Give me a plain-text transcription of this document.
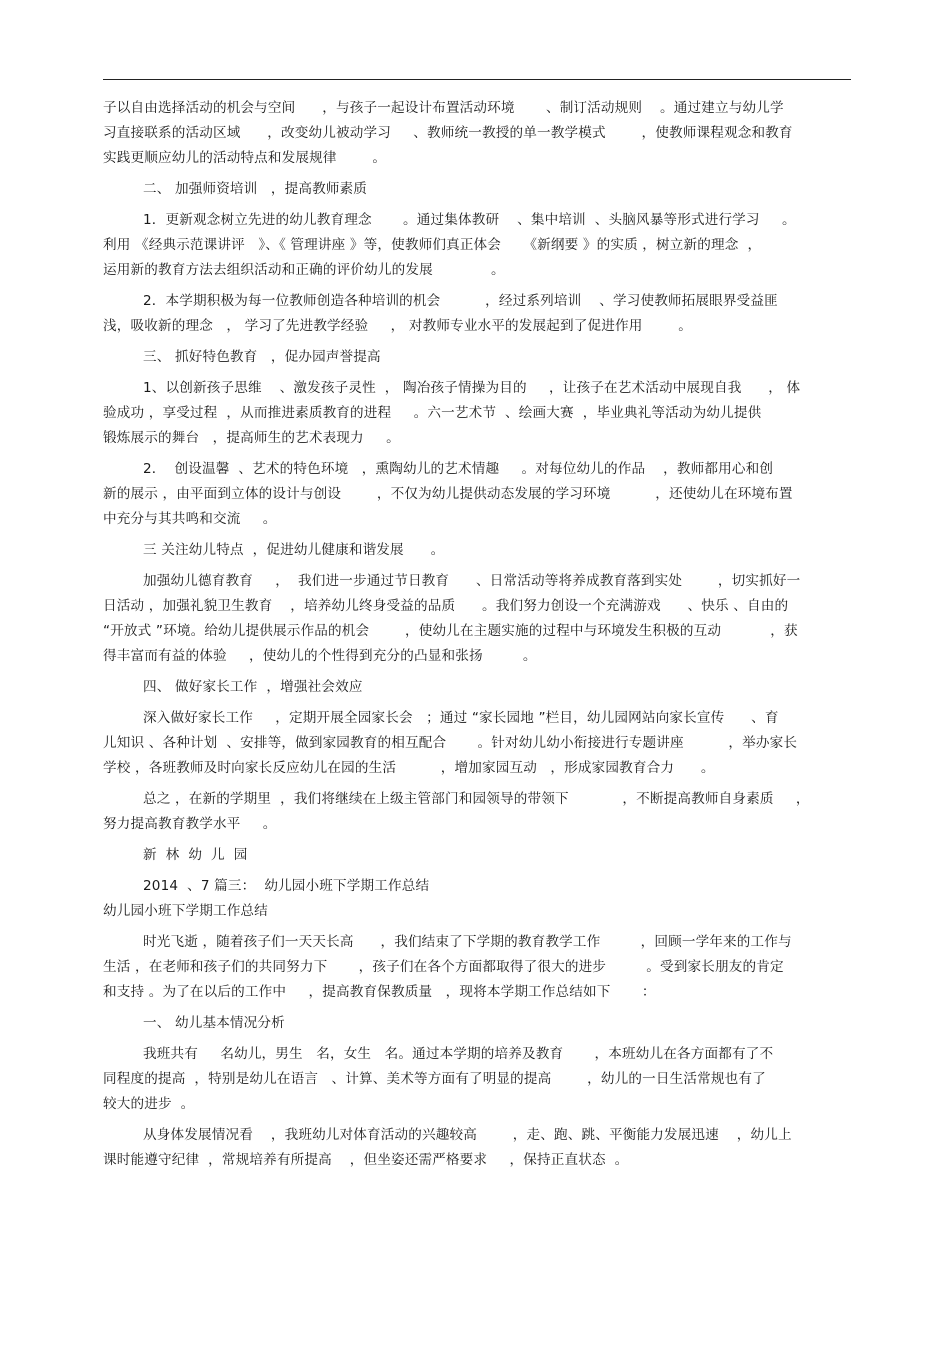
子以自由选择活动的机会与空间      ，与孩子一起设计布置活动环境       、制订活动规则    。通过建立与幼儿学
习直接联系的活动区域      ，改变幼儿被动学习     、教师统一教授的单一教学模式        ，使教师课程观念和教育
实践更顺应幼儿的活动特点和发展规律        。
二、 加强师资培训   ，提高教师素质
1．更新观念树立先进的幼儿教育理念       。通过集体教研    、集中培训  、头脑风暴等形式进行学习     。
利用 《经典示范课讲评   》、《 管理讲座 》等，使教师们真正体会     《新纲要 》的实质 ，树立新的理念  ，
运用新的教育方法去组织活动和正确的评价幼儿的发展             。
2．本学期积极为每一位教师创造各种培训的机会          ，经过系列培训    、学习使教师拓展眼界受益匪
浅，吸收新的理念   ， 学习了先进教学经验     ， 对教师专业水平的发展起到了促进作用        。
三、 抓好特色教育   ，促办园声誉提高
1、以创新孩子思维    、激发孩子灵性  ， 陶冶孩子情操为目的     ，让孩子在艺术活动中展现自我      ， 体
验成功 ，享受过程  ，从而推进素质教育的进程     。六一艺术节  、绘画大赛  ，毕业典礼等活动为幼儿提供
锻炼展示的舞台   ，提高师生的艺术表现力     。
2．  创设温馨  、艺术的特色环境   ，熏陶幼儿的艺术情趣     。对每位幼儿的作品    ，教师都用心和创
新的展示 ，由平面到立体的设计与创设        ，不仅为幼儿提供动态发展的学习环境          ，还使幼儿在环境布置
中充分与其共鸣和交流     。
三 关注幼儿特点  ，促进幼儿健康和谐发展      。
加强幼儿德育教育     ，  我们进一步通过节日教育      、日常活动等将养成教育落到实处        ，切实抓好一
日活动 ，加强礼貌卫生教育    ，培养幼儿终身受益的品质      。我们努力创设一个充满游戏      、快乐 、自由的
“开放式 ”环境。给幼儿提供展示作品的机会        ，使幼儿在主题实施的过程中与环境发生积极的互动           ，获
得丰富而有益的体验     ，使幼儿的个性得到充分的凸显和张扬         。
四、 做好家长工作  ，增强社会效应
深入做好家长工作     ，定期开展全园家长会   ；通过 “家长园地 ”栏目，幼儿园网站向家长宣传      、育
儿知识 、各种计划  、安排等，做到家园教育的相互配合       。针对幼儿幼小衔接进行专题讲座          ，举办家长
学校 ，各班教师及时向家长反应幼儿在园的生活          ，增加家园互动   ，形成家园教育合力      。
总之 ，在新的学期里  ，我们将继续在上级主管部门和园领导的带领下            ，不断提高教师自身素质     ，
努力提高教育教学水平     。
新  林  幼  儿  园
2014  、7 篇三：  幼儿园小班下学期工作总结
幼儿园小班下学期工作总结
时光飞逝 ，随着孩子们一天天长高      ，我们结束了下学期的教育教学工作         ，回顾一学年来的工作与
生活 ，在老师和孩子们的共同努力下       ，孩子们在各个方面都取得了很大的进步         。受到家长朋友的肯定
和支持 。为了在以后的工作中     ，提高教育保教质量   ，现将本学期工作总结如下       ：
一、 幼儿基本情况分析
我班共有     名幼儿，男生   名，女生   名。通过本学期的培养及教育       ，本班幼儿在各方面都有了不
同程度的提高  ，特别是幼儿在语言   、计算、美术等方面有了明显的提高        ，幼儿的一日生活常规也有了
较大的进步  。
从身体发展情况看    ，我班幼儿对体育活动的兴趣较高        ，走、跑、跳、平衡能力发展迅速    ，幼儿上
课时能遵守纪律  ，常规培养有所提高    ，但坐姿还需严格要求     ，保持正直状态  。
